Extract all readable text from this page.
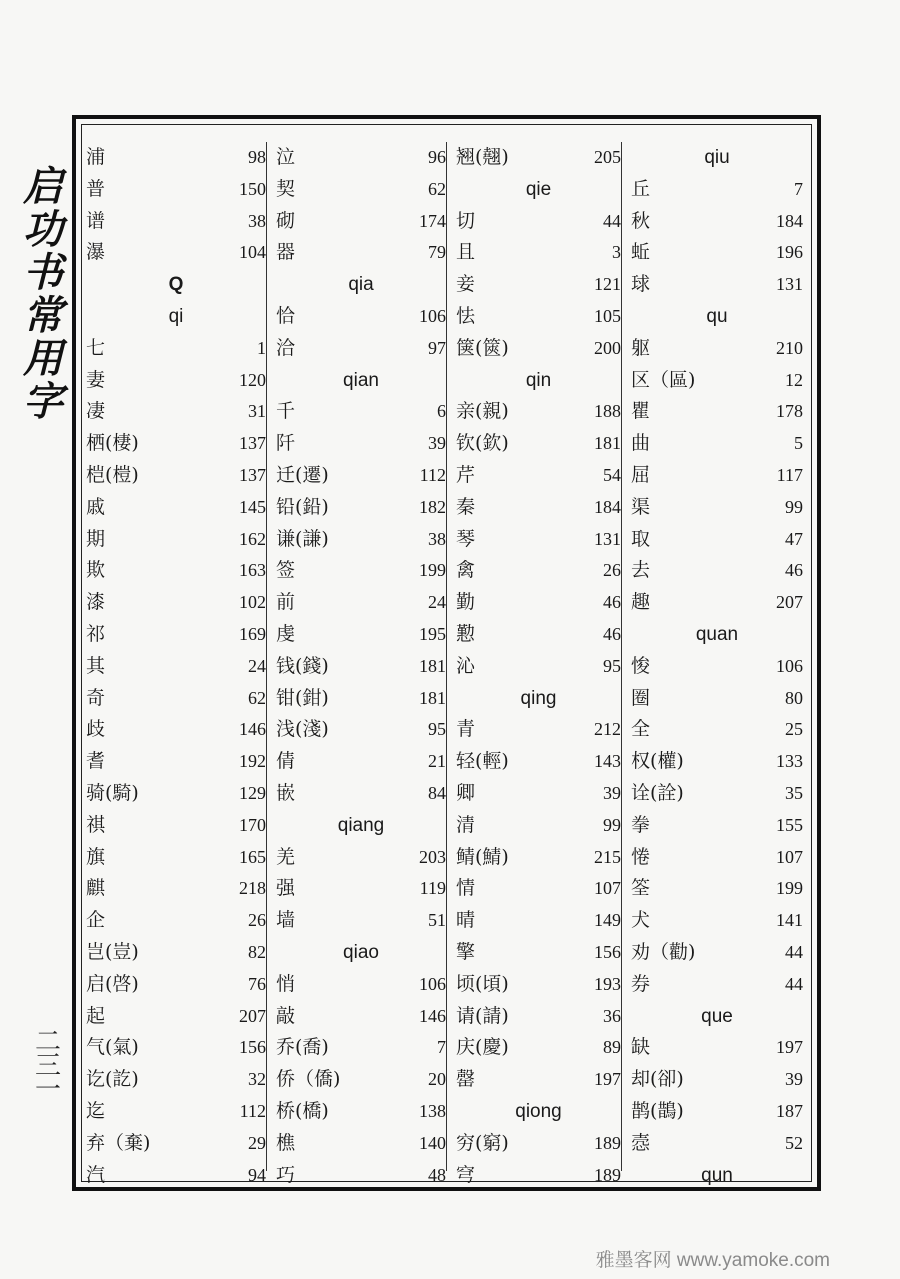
启
功
书
常
用
字
二
三
一
浦	98
普	150
谱	38
瀑	104
Q
qi
七	1
妻	120
凄	31
栖(棲)	137
桤(榿)	137
戚	145
期	162
欺	163
漆	102
祁	169
其	24
奇	62
歧	146
耆	192
骑(騎)	129
祺	170
旗	165
麒	218
企	26
岂(豈)	82
启(啓)	76
起	207
气(氣)	156
讫(訖)	32
迄	112
弃（棄)	29
汽	94
泣	96
契	62
砌	174
器	79
qia
恰	106
洽	97
qian
千	6
阡	39
迁(遷)	112
铅(鉛)	182
谦(謙)	38
签	199
前	24
虔	195
钱(錢)	181
钳(鉗)	181
浅(淺)	95
倩	21
嵌	84
qiang
羌	203
强	119
墙	51
qiao
悄	106
敲	146
乔(喬)	7
侨（僑)	20
桥(橋)	138
樵	140
巧	48
翘(翹)	205
qie
切	44
且	3
妾	121
怯	105
箧(篋)	200
qin
亲(親)	188
钦(欽)	181
芹	54
秦	184
琴	131
禽	26
勤	46
懃	46
沁	95
qing
青	212
轻(輕)	143
卿	39
清	99
鲭(鯖)	215
情	107
晴	149
擎	156
顷(頃)	193
请(請)	36
庆(慶)	89
罄	197
qiong
穷(窮)	189
穹	189
qiu
丘	7
秋	184
蚯	196
球	131
qu
躯	210
区（區)	12
瞿	178
曲	5
屈	117
渠	99
取	47
去	46
趣	207
quan
悛	106
圈	80
全	25
权(權)	133
诠(詮)	35
拳	155
惓	107
筌	199
犬	141
劝（勸)	44
券	44
que
缺	197
却(卻)	39
鹊(鵲)	187
悫	52
qun
雅墨客网 www.yamoke.com
